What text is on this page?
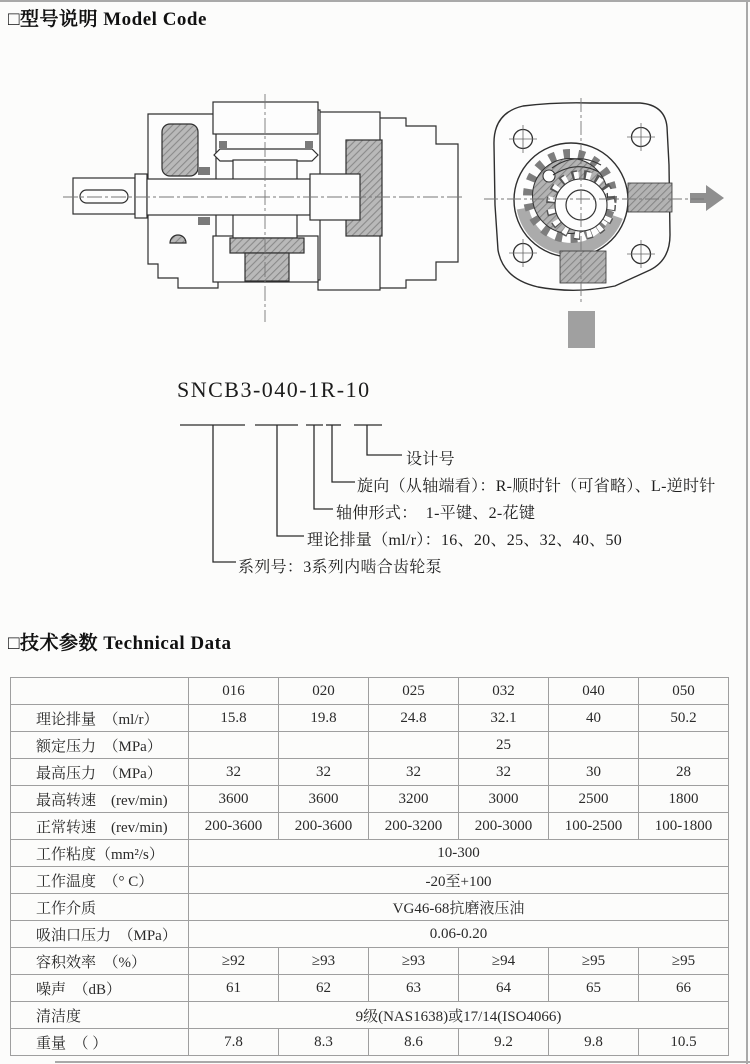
□型号说明 Model Code
SNCB3-040-1R-10
设计号
旋向（从轴端看）：R-顺时针（可省略）、L-逆时针
轴伸形式：　1-平键、2-花键
理论排量（ml/r）：16、20、25、32、40、50
系列号：3系列内啮合齿轮泵
□技术参数 Technical Data
	016	020	025	032	040	050
理论排量　（ml/r）	15.8	19.8	24.8	32.1	40	50.2
额定压力　（MPa）				25		
最高压力　（MPa）	32	32	32	32	30	28
最高转速　(rev/min)	3600	3600	3200	3000	2500	1800
正常转速　(rev/min)	200-3600	200-3600	200-3200	200-3000	100-2500	100-1800
工作粘度（mm²/s）	10-300					
工作温度　（° C）	-20至+100					
工作介质	VG46-68抗磨液压油					
吸油口压力　（MPa）	0.06-0.20					
容积效率　（%）	≥92	≥93	≥93	≥94	≥95	≥95
噪声　（dB）	61	62	63	64	65	66
清洁度	9级(NAS1638)或17/14(ISO4066)					
重量　（ ）	7.8	8.3	8.6	9.2	9.8	10.5
